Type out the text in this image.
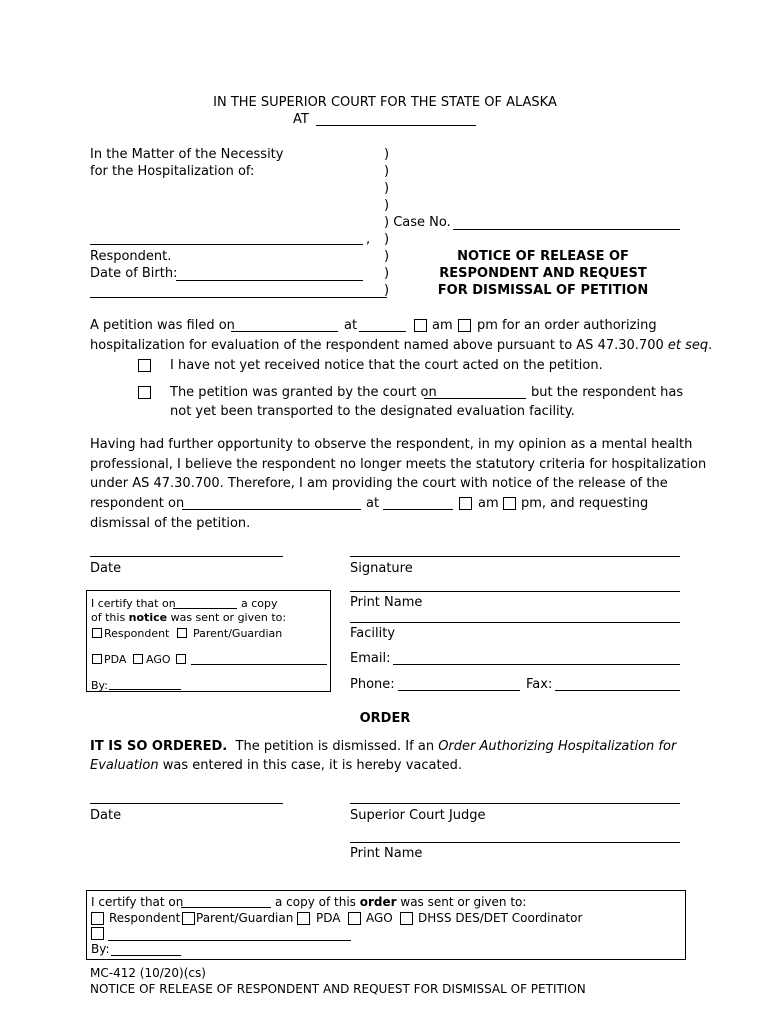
IN THE SUPERIOR COURT FOR THE STATE OF ALASKA
AT
In the Matter of the Necessity
for the Hospitalization of:
)
)
)
)
) Case No.
)
)
)
)
,
Respondent.
Date of Birth:
NOTICE OF RELEASE OF
RESPONDENT AND REQUEST
FOR DISMISSAL OF PETITION
A petition was filed on	at	am pm for an order authorizing
hospitalization for evaluation of the respondent named above pursuant to AS 47.30.700 et seq.
I have not yet received notice that the court acted on the petition.
The petition was granted by the court on	but the respondent has
not yet been transported to the designated evaluation facility.
Having had further opportunity to observe the respondent, in my opinion as a mental health
professional, I believe the respondent no longer meets the statutory criteria for hospitalization
under AS 47.30.700. Therefore, I am providing the court with notice of the release of the
respondent on	at	am pm, and requesting
dismissal of the petition.
Date	Signature
Print Name
Facility
Email:
Phone:	Fax:
I certify that on	a copy
of this notice was sent or given to:
Respondent Parent/Guardian
PDA AGO
By:
ORDER
IT IS SO ORDERED. The petition is dismissed. If an Order Authorizing Hospitalization for
Evaluation was entered in this case, it is hereby vacated.
Date	Superior Court Judge
Print Name
I certify that on	a copy of this order was sent or given to:
Respondent Parent/Guardian PDA AGO DHSS DES/DET Coordinator
By:
MC-412 (10/20)(cs)
NOTICE OF RELEASE OF RESPONDENT AND REQUEST FOR DISMISSAL OF PETITION
